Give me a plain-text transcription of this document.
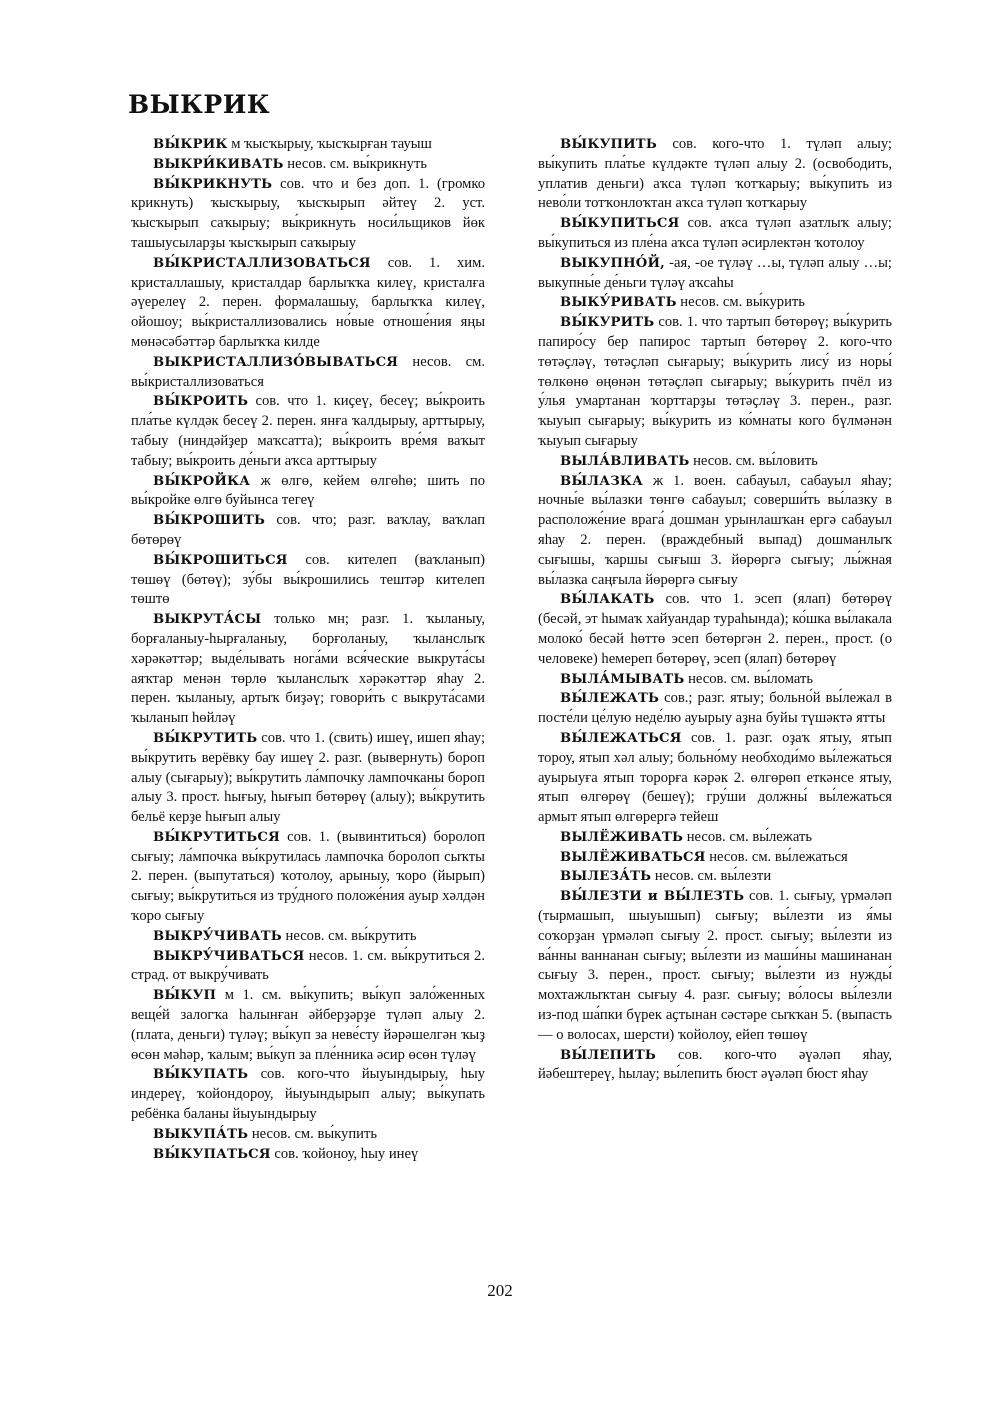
ВЫКРИК

ВЫ́КРИК м ҡысҡырыу, ҡысҡырған тауыш

ВЫКРИ́КИВАТЬ несов. см. вы́крикнуть

ВЫ́КРИКНУТЬ сов. что и без доп. 1. (громко крикнуть) ҡысҡырыу, ҡысҡырып әйтеү 2. уст. ҡысҡырып саҡырыу; вы́крикнуть носи́льщиков йөк ташыусыларҙы ҡысҡырып саҡырыу

ВЫ́КРИСТАЛЛИЗОВАТЬСЯ сов. 1. хим. кристаллашыу, кристалдар барлыҡҡа килеү, кристалға әүерелеү 2. перен. формалашыу, барлыҡҡа килеү, ойошоу; вы́кристаллизовались но́вые отноше́ния яңы мөнәсәбәттәр барлыҡҡа килде

ВЫКРИСТАЛЛИЗО́ВЫВАТЬСЯ несов. см. вы́кристаллизоваться

ВЫ́КРОИТЬ сов. что 1. киҫеү, бесеү; вы́кроить пла́тье күлдәк бесеү 2. перен. янға ҡалдырыу, арттырыу, табыу (ниндәйҙер маҡсатта); вы́кроить вре́мя ваҡыт табыу; вы́кроить де́ньги аҡса арттырыу

ВЫ́КРОЙКА ж өлгө, кейем өлгөһө; шить по вы́кройке өлгө буйынса тегеү

ВЫ́КРОШИТЬ сов. что; разг. ваҡлау, ваҡлап бөтөрөү

ВЫ́КРОШИТЬСЯ сов. кителеп (ваҡланып) төшөү (бөтөү); зу́бы вы́крошились тештәр кителеп төштө

ВЫКРУТА́СЫ только мн; разг. 1. ҡыланыу, борғаланыу-һырғаланыу, борғоланыу, ҡыланслыҡ хәрәкәттәр; выде́лывать нога́ми вся́ческие выкрута́сы аяҡтар менән төрлө ҡыланслыҡ хәрәкәттәр яһау 2. перен. ҡыланыу, артыҡ биҙәү; говори́ть с выкрута́сами ҡыланып һөйләү

ВЫ́КРУТИТЬ сов. что 1. (свить) ишеү, ишеп яһау; вы́крутить верёвку бау ишеү 2. разг. (вывернуть) бороп алыу (сығарыу); вы́крутить ла́мпочку лампочканы бороп алыу 3. прост. һығыу, һығып бөтөрөү (алыу); вы́крутить бельё керҙе һығып алыу

ВЫ́КРУТИТЬСЯ сов. 1. (вывинтиться) боролоп сығыу; ла́мпочка вы́крутилась лампочка боролоп сыҡты 2. перен. (выпутаться) ҡотолоу, арыныу, ҡоро (йырып) сығыу; вы́крутиться из тру́дного положе́ния ауыр хәлдән ҡоро сығыу

ВЫКРУ́ЧИВАТЬ несов. см. вы́крутить

ВЫКРУ́ЧИВАТЬСЯ несов. 1. см. вы́крутиться 2. страд. от выкру́чивать

ВЫ́КУП м 1. см. вы́купить; вы́куп зало́женных веще́й залогҡа һалынған әйберҙәрҙе түләп алыу 2. (плата, деньги) түләү; вы́куп за неве́сту йәрәшелгән ҡыҙ өсөн мәһәр, ҡалым; вы́куп за пле́нника әсир өсөн түләү

ВЫ́КУПАТЬ сов. кого-что йыуындырыу, һыу индереү, ҡойондороу, йыуындырып алыу; вы́купать ребёнка баланы йыуындырыу

ВЫКУПА́ТЬ несов. см. вы́купить

ВЫ́КУПАТЬСЯ сов. ҡойоноу, һыу инеү

ВЫ́КУПИТЬ сов. кого-что 1. түләп алыу; вы́купить пла́тье күлдәкте түләп алыу 2. (освободить, уплатив деньги) аҡса түләп ҡотҡарыу; вы́купить из нево́ли тотҡонлоҡтан аҡса түләп ҡотҡарыу

ВЫ́КУПИТЬСЯ сов. аҡса түләп азатлыҡ алыу; вы́купиться из пле́на аҡса түләп әсирлектән ҡотолоу

ВЫКУПНО́Й, -ая, -ое түләү …ы, түләп алыу …ы; выкупны́е де́ньги түләү аҡсаһы

ВЫКУ́РИВАТЬ несов. см. вы́курить

ВЫ́КУРИТЬ сов. 1. что тартып бөтөрөү; вы́курить папиро́су бер папирос тартып бөтөрөү 2. кого-что төтәҫләү, төтәҫләп сығарыу; вы́курить лису́ из норы́ төлкөнө өңөнән төтәҫләп сығарыу; вы́курить пчёл из у́лья умартанан ҡорттарҙы төтәҫләү 3. перен., разг. ҡыуып сығарыу; вы́курить из ко́мнаты кого бүлмәнән ҡыуып сығарыу

ВЫЛА́ВЛИВАТЬ несов. см. вы́ловить

ВЫ́ЛАЗКА ж 1. воен. сабауыл, сабауыл яһау; ночны́е вы́лазки төнгө сабауыл; соверши́ть вы́лазку в расположе́ние врага́ дошман урынлашҡан ергә сабауыл яһау 2. перен. (враждебный выпад) дошманлыҡ сығышы, ҡаршы сығыш 3. йөрөргә сығыу; лы́жная вы́лазка саңғыла йөрөргә сығыу

ВЫ́ЛАКАТЬ сов. что 1. эсеп (ялап) бөтөрөү (бесәй, эт һымаҡ хайуандар тураһында); ко́шка вы́лакала молоко́ бесәй һөттө эсеп бөтөргән 2. перен., прост. (о человеке) һемереп бөтөрөү, эсеп (ялап) бөтөрөү

ВЫЛА́МЫВАТЬ несов. см. вы́ломать

ВЫ́ЛЕЖАТЬ сов.; разг. ятыу; больно́й вы́лежал в посте́ли це́лую неде́лю ауырыу аҙна буйы түшәктә ятты

ВЫ́ЛЕЖАТЬСЯ сов. 1. разг. оҙаҡ ятыу, ятып тороу, ятып хәл алыу; больно́му необходи́мо вы́лежаться ауырыуға ятып торорға кәрәк 2. өлгөрөп еткәнсе ятыу, ятып өлгөрөү (бешеү); гру́ши должны́ вы́лежаться армыт ятып өлгөрергә тейеш

ВЫЛЁЖИВАТЬ несов. см. вы́лежать

ВЫЛЁЖИВАТЬСЯ несов. см. вы́лежаться

ВЫЛЕЗА́ТЬ несов. см. вы́лезти

ВЫ́ЛЕЗТИ и ВЫ́ЛЕЗТЬ сов. 1. сығыу, үрмәләп (тырмашып, шыуышып) сығыу; вы́лезти из я́мы соҡорҙан үрмәләп сығыу 2. прост. сығыу; вы́лезти из ва́нны ваннанан сығыу; вы́лезти из маши́ны машинанан сығыу 3. перен., прост. сығыу; вы́лезти из нужды́ мохтажлыҡтан сығыу 4. разг. сығыу; во́лосы вы́лезли из-под ша́пки бүрек аҫтынан сәстәре сыҡҡан 5. (выпасть — о волосах, шерсти) ҡойолоу, ейеп төшөү

ВЫ́ЛЕПИТЬ сов. кого-что әүәләп яһау, йәбештереү, һылау; вы́лепить бюст әүәләп бюст яһау

202
